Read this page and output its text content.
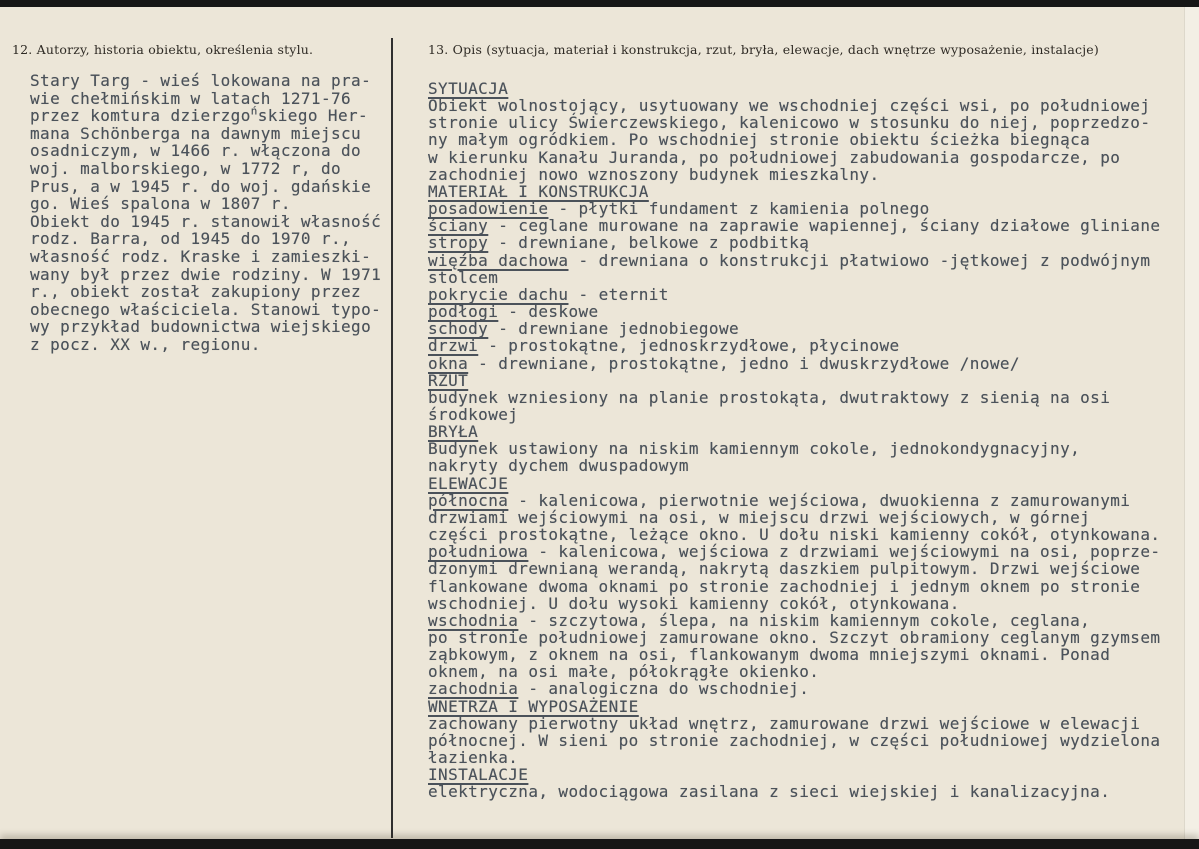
12. Autorzy, historia obiektu, określenia stylu.	13. Opis (sytuacja, materiał i konstrukcja, rzut, bryła, elewacje, dach wnętrze wyposażenie, instalacje)
Stary Targ - wieś lokowana na pra-
wie chełmińskim w latach 1271-76
przez komtura dzierzgo$^ń$skiego Her-
mana Schönberga na dawnym miejscu
osadniczym, w 1466 r. włączona do
woj. malborskiego, w 1772 r, do
Prus, a w 1945 r. do woj. gdańskie
go. Wieś spalona w 1807 r.
Obiekt do 1945 r. stanowił własność
rodz. Barra, od 1945 do 1970 r.,
własność rodz. Kraske i zamieszki-
wany był przez dwie rodziny. W 1971
r., obiekt został zakupiony przez
obecnego właściciela. Stanowi typo-
wy przykład budownictwa wiejskiego
z pocz. XX w., regionu.
SYTUACJA
Obiekt wolnostojący, usytuowany we wschodniej części wsi, po południowej
stronie ulicy Świerczewskiego, kalenicowo w stosunku do niej, poprzedzo-
ny małym ogródkiem. Po wschodniej stronie obiektu ścieżka biegnąca
w kierunku Kanału Juranda, po południowej zabudowania gospodarcze, po
zachodniej nowo wznoszony budynek mieszkalny.
MATERIAŁ I KONSTRUKCJA
posadowienie - płytki fundament z kamienia polnego
ściany - ceglane murowane na zaprawie wapiennej, ściany działowe gliniane
stropy - drewniane, belkowe z podbitką
więźba dachowa - drewniana o konstrukcji płatwiowo -jętkowej z podwójnym
stolcem
pokrycie dachu - eternit
podłogi - deskowe
schody - drewniane jednobiegowe
drzwi - prostokątne, jednoskrzydłowe, płycinowe
okna - drewniane, prostokątne, jedno i dwuskrzydłowe /nowe/
RZUT
budynek wzniesiony na planie prostokąta, dwutraktowy z sienią na osi
środkowej
BRYŁA
Budynek ustawiony na niskim kamiennym cokole, jednokondygnacyjny,
nakryty dychem dwuspadowym
ELEWACJE
północna - kalenicowa, pierwotnie wejściowa, dwuokienna z zamurowanymi
drzwiami wejściowymi na osi, w miejscu drzwi wejściowych, w górnej
części prostokątne, leżące okno. U dołu niski kamienny cokół, otynkowana.
południowa - kalenicowa, wejściowa z drzwiami wejściowymi na osi, poprze-
dzonymi drewnianą werandą, nakrytą daszkiem pulpitowym. Drzwi wejściowe
flankowane dwoma oknami po stronie zachodniej i jednym oknem po stronie
wschodniej. U dołu wysoki kamienny cokół, otynkowana.
wschodnia - szczytowa, ślepa, na niskim kamiennym cokole, ceglana,
po stronie południowej zamurowane okno. Szczyt obramiony ceglanym gzymsem
ząbkowym, z oknem na osi, flankowanym dwoma mniejszymi oknami. Ponad
oknem, na osi małe, półokrągłe okienko.
zachodnia - analogiczna do wschodniej.
WNETRZA I WYPOSAŻENIE
zachowany pierwotny układ wnętrz, zamurowane drzwi wejściowe w elewacji
północnej. W sieni po stronie zachodniej, w części południowej wydzielona
łazienka.
INSTALACJE
elektryczna, wodociągowa zasilana z sieci wiejskiej i kanalizacyjna.
